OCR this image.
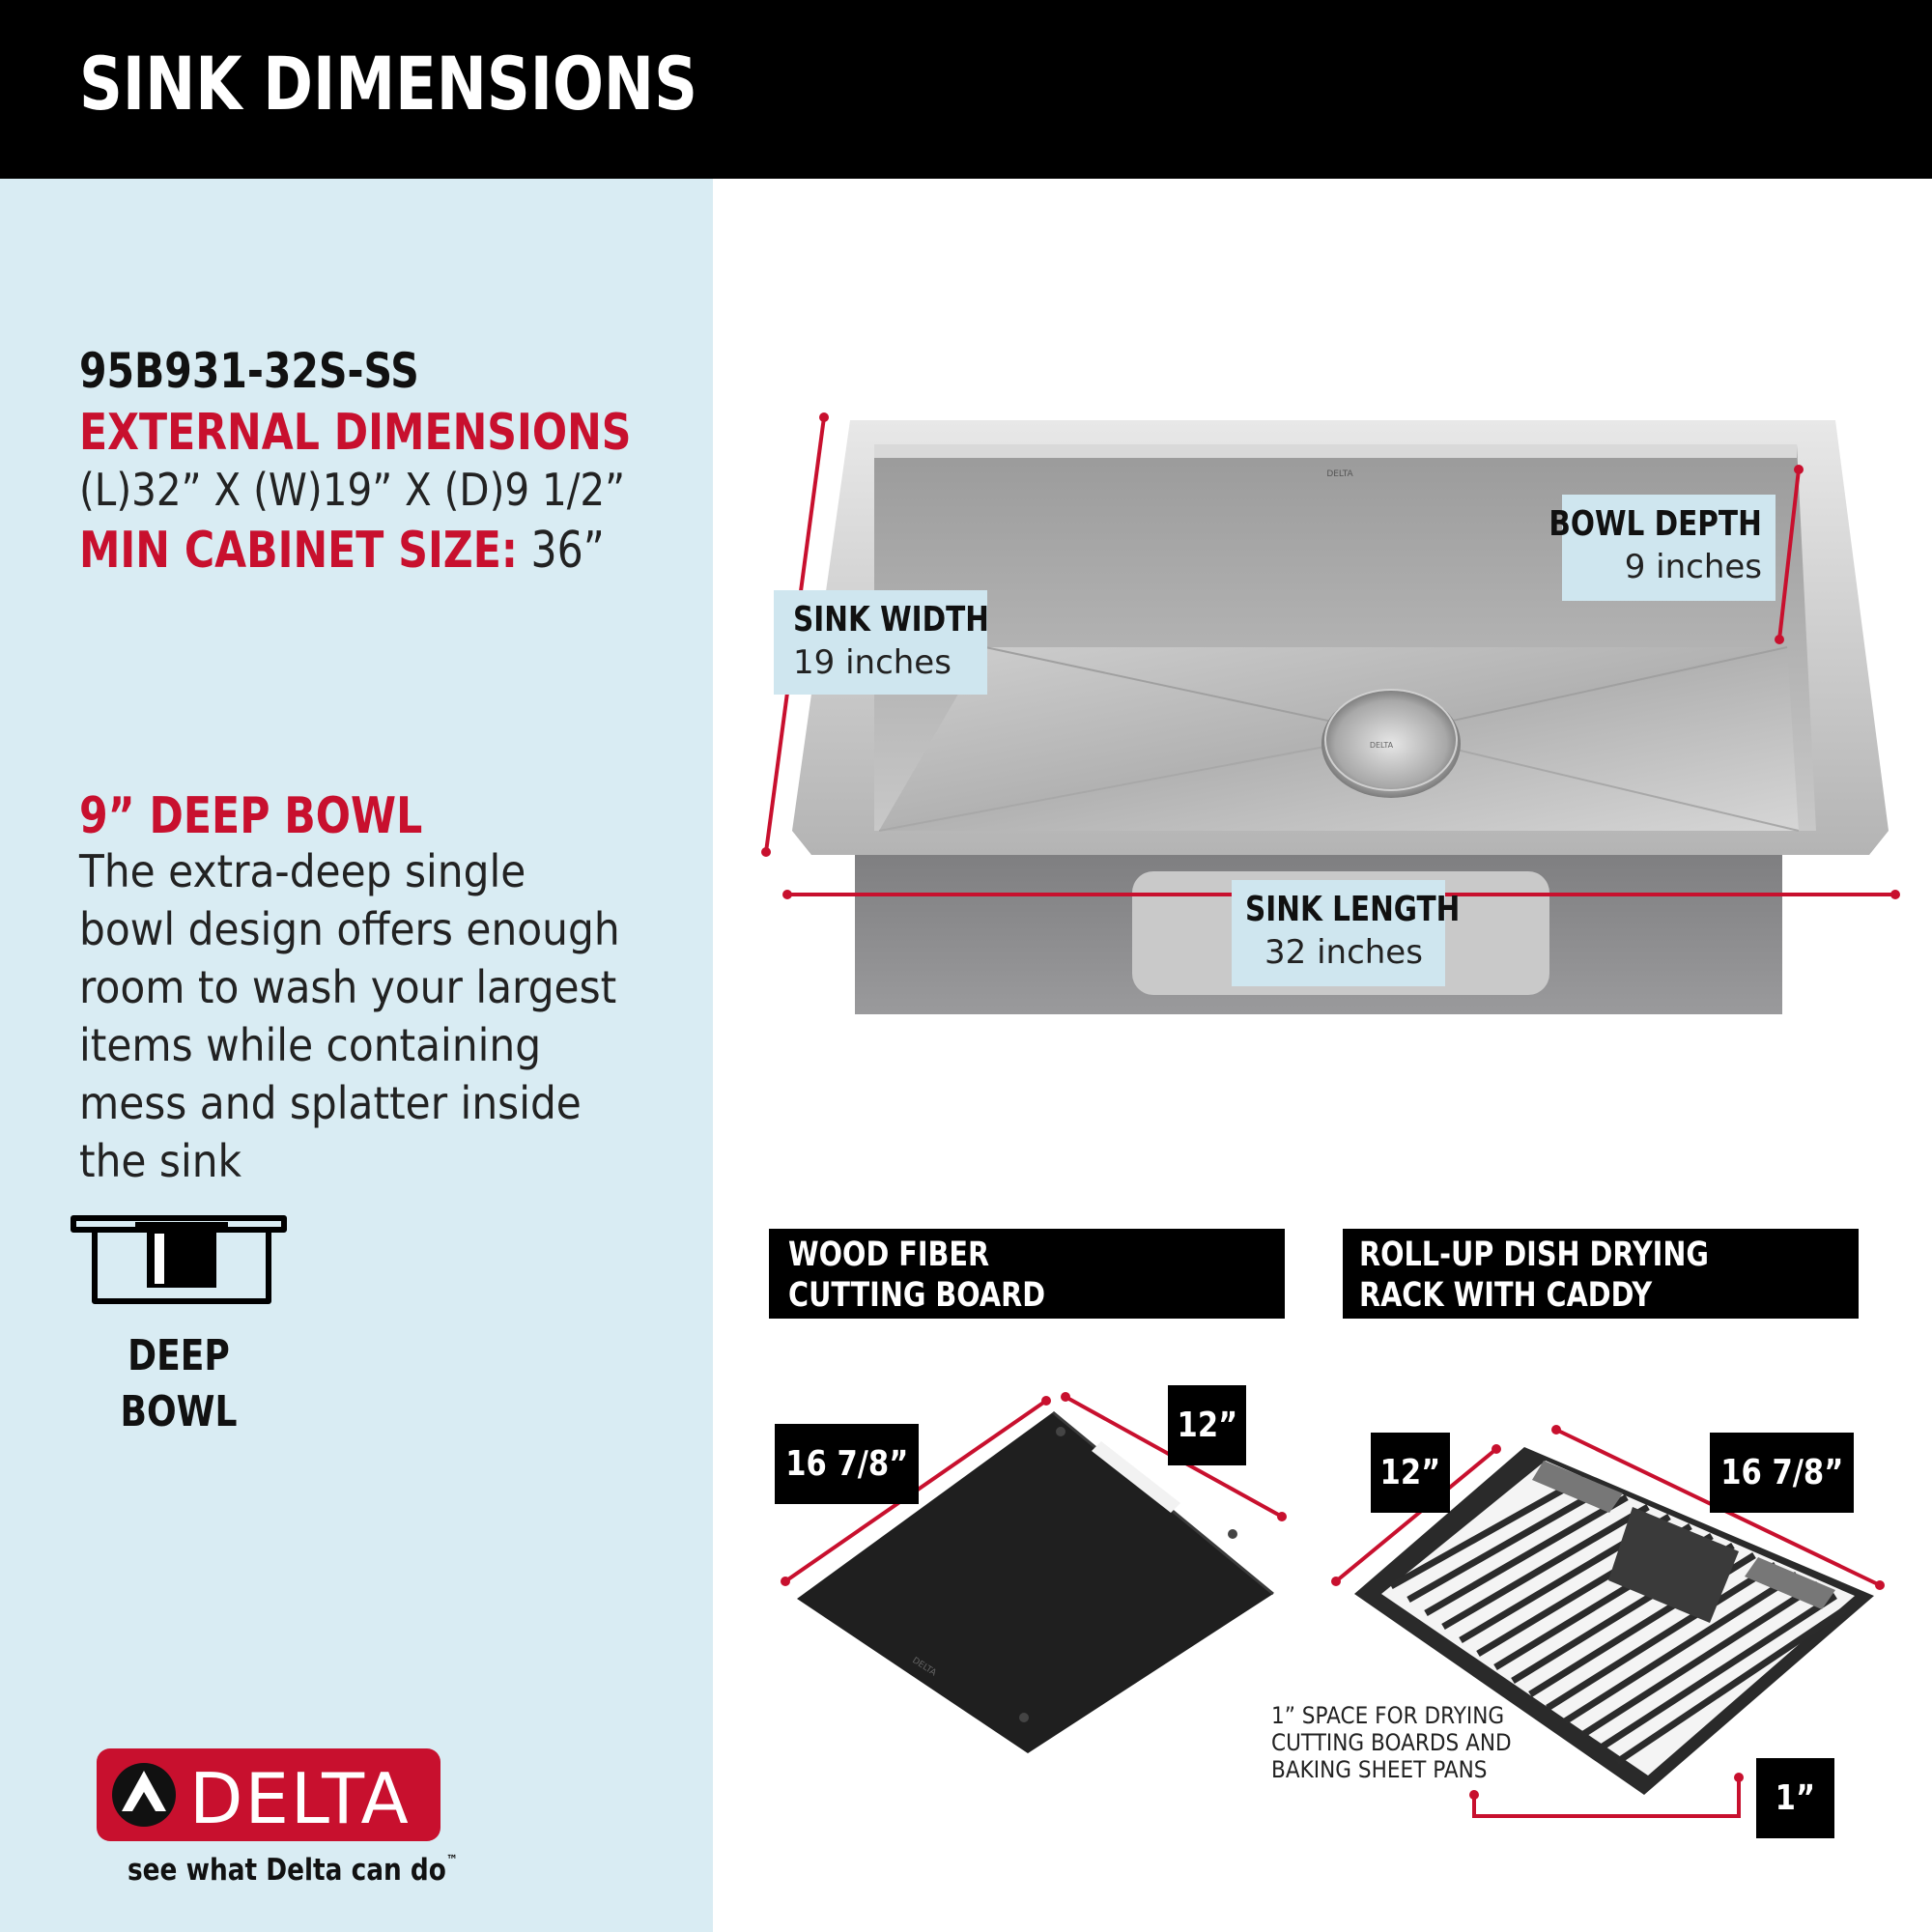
SINK DIMENSIONS
95B931-32S-SS
EXTERNAL DIMENSIONS
(L)32” X (W)19” X (D)9 1/2”
MIN CABINET SIZE: 36”
9” DEEP BOWL
The extra-deep single bowl design offers enough room to wash your largest items while containing mess and splatter inside the sink
DEEP
BOWL
DELTA
see what Delta can do™
DELTA
DELTA
DELTA
SINK WIDTH
19 inches
BOWL DEPTH
9 inches
SINK LENGTH
32 inches
WOOD FIBER
CUTTING BOARD
ROLL-UP DISH DRYING
RACK WITH CADDY
16 7/8”
12”
12”	16 7/8”
1”
1” SPACE FOR DRYING
CUTTING BOARDS AND
BAKING SHEET PANS
